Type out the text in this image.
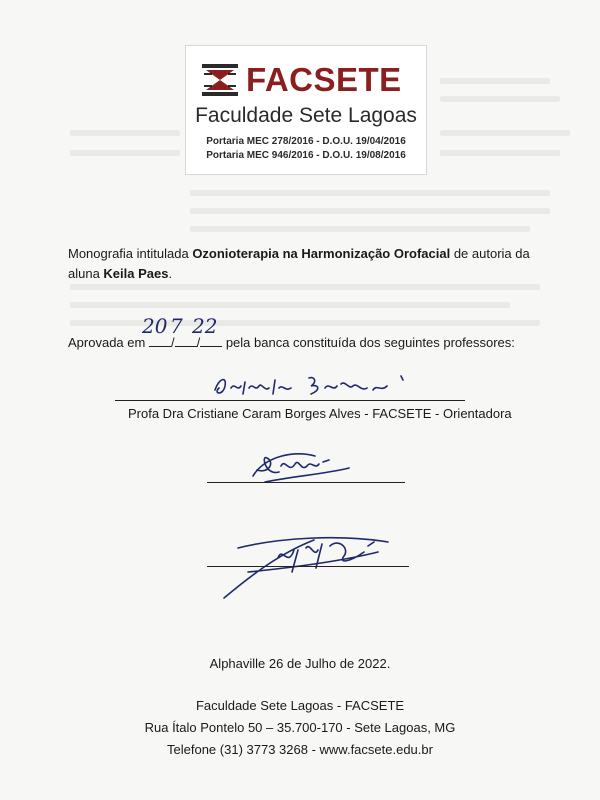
FACSETE
Faculdade Sete Lagoas
Portaria MEC 278/2016 - D.O.U. 19/04/2016
Portaria MEC 946/2016 - D.O.U. 19/08/2016
Monografia intitulada Ozonioterapia na Harmonização Orofacial de autoria da
aluna Keila Paes.
Aprovada em / / pela banca constituída dos seguintes professores:
20 7 22
Profa Dra Cristiane Caram Borges Alves - FACSETE - Orientadora
Alphaville 26 de Julho de 2022.
Faculdade Sete Lagoas - FACSETE
Rua Ítalo Pontelo 50 – 35.700-170 - Sete Lagoas, MG
Telefone (31) 3773 3268 - www.facsete.edu.br
